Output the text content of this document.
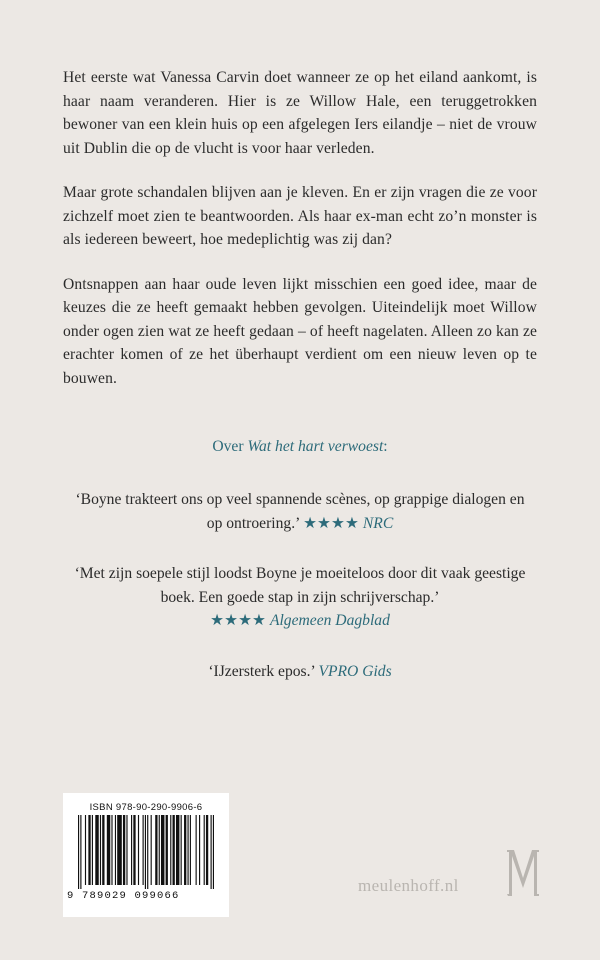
Het eerste wat Vanessa Carvin doet wanneer ze op het eiland aankomt, is haar naam veranderen. Hier is ze Willow Hale, een teruggetrokken bewoner van een klein huis op een afgelegen Iers eilandje – niet de vrouw uit Dublin die op de vlucht is voor haar verleden.

Maar grote schandalen blijven aan je kleven. En er zijn vragen die ze voor zichzelf moet zien te beantwoorden. Als haar ex-man echt zo’n monster is als iedereen beweert, hoe medeplichtig was zij dan?

Ontsnappen aan haar oude leven lijkt misschien een goed idee, maar de keuzes die ze heeft gemaakt hebben gevolgen. Uiteindelijk moet Willow onder ogen zien wat ze heeft gedaan – of heeft nagelaten. Alleen zo kan ze erachter komen of ze het überhaupt verdient om een nieuw leven op te bouwen.

Over Wat het hart verwoest:
‘Boyne trakteert ons op veel spannende scènes, op grappige dialogen en op ontroering.’ ★★★★ NRC
‘Met zijn soepele stijl loodst Boyne je moeiteloos door dit vaak geestige boek. Een goede stap in zijn schrijverschap.’
★★★★ Algemeen Dagblad
‘IJzersterk epos.’ VPRO Gids
ISBN 978-90-290-9906-6
9 789029 099066
meulenhoff.nl
